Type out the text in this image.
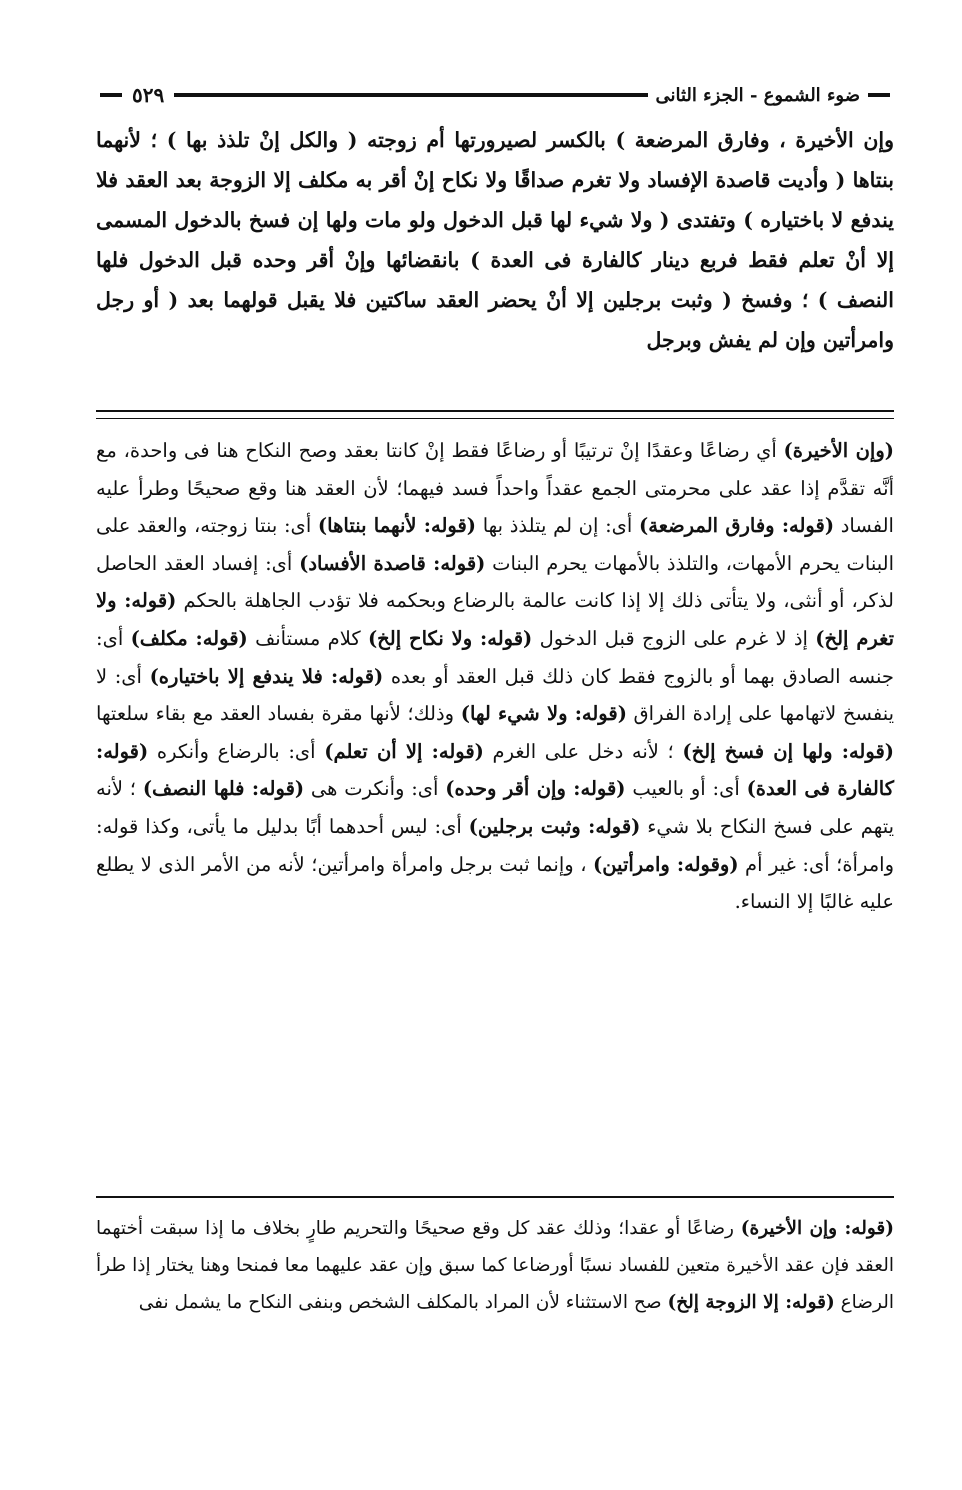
ضوء الشموع - الجزء الثانى
٥٢٩

وإن الأخيرة ، وفارق المرضعة ) بالكسر لصيرورتها أم زوجته ( والكل إنْ تلذذ بها ) ؛ لأنهما بنتاها ( وأديت قاصدة الإفساد ولا تغرم صداقًا ولا نكاح إنْ أقر به مكلف إلا الزوجة بعد العقد فلا يندفع لا باختياره ) وتفتدى ( ولا شيء لها قبل الدخول ولو مات ولها إن فسخ بالدخول المسمى إلا أنْ تعلم فقط فربع دينار كالفارة فى العدة ) بانقضائها وإنْ أقر وحده قبل الدخول فلها النصف ) ؛ وفسخ ( وثبت برجلين إلا أنْ يحضر العقد ساكتين فلا يقبل قولهما بعد ( أو رجل وامرأتين وإن لم يفش وبرجل

(وإن الأخيرة) أي رضاعًا وعقدًا إنْ ترتيبًا أو رضاعًا فقط إنْ كانتا بعقد وصح النكاح هنا فى واحدة، مع أنَّه تقدَّم إذا عقد على محرمتى الجمع عقداً واحداً فسد فيهما؛ لأن العقد هنا وقع صحيحًا وطرأ عليه الفساد (قوله: وفارق المرضعة) أى: إن لم يتلذذ بها (قوله: لأنهما بنتاها) أى: بنتا زوجته، والعقد على البنات يحرم الأمهات، والتلذذ بالأمهات يحرم البنات (قوله: قاصدة الأفساد) أى: إفساد العقد الحاصل لذكر، أو أنثى، ولا يتأتى ذلك إلا إذا كانت عالمة بالرضاع وبحكمه فلا تؤدب الجاهلة بالحكم (قوله: ولا تغرم إلخ) إذ لا غرم على الزوج قبل الدخول (قوله: ولا نكاح إلخ) كلام مستأنف (قوله: مكلف) أى: جنسه الصادق بهما أو بالزوج فقط كان ذلك قبل العقد أو بعده (قوله: فلا يندفع إلا باختياره) أى: لا ينفسخ لاتهامها على إرادة الفراق (قوله: ولا شيء لها) وذلك؛ لأنها مقرة بفساد العقد مع بقاء سلعتها (قوله: ولها إن فسخ إلخ) ؛ لأنه دخل على الغرم (قوله: إلا أن تعلم) أى: بالرضاع وأنكره (قوله: كالفارة فى العدة) أى: أو بالعيب (قوله: وإن أقر وحده) أى: وأنكرت هى (قوله: فلها النصف) ؛ لأنه يتهم على فسخ النكاح بلا شيء (قوله: وثبت برجلين) أى: ليس أحدهما أبًا بدليل ما يأتى، وكذا قوله: وامرأة؛ أى: غير أم (وقوله: وامرأتين) ، وإنما ثبت برجل وامرأة وامرأتين؛ لأنه من الأمر الذى لا يطلع عليه غالبًا إلا النساء.

(قوله: وإن الأخيرة) رضاعًا أو عقدا؛ وذلك عقد كل وقع صحيحًا والتحريم طارٍ بخلاف ما إذا سبقت أختهما العقد فإن عقد الأخيرة متعين للفساد نسبًا أورضاعا كما سبق وإن عقد عليهما معا فمنحا وهنا يختار إذا طرأ الرضاع (قوله: إلا الزوجة إلخ) صح الاستثناء لأن المراد بالمكلف الشخص وبنفى النكاح ما يشمل نفى
